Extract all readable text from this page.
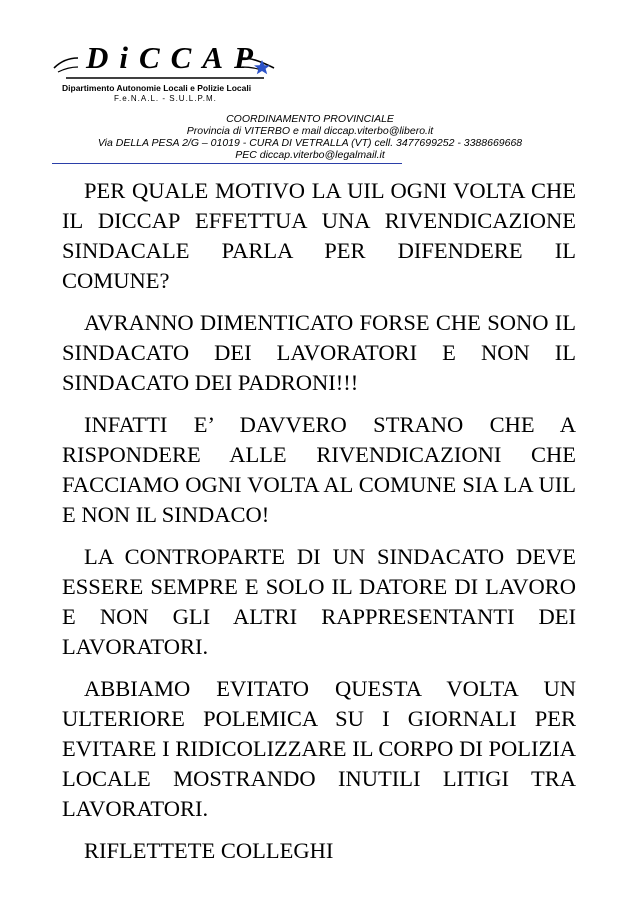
DiCCAP
Dipartimento Autonomie Locali e Polizie Locali
F.e.N.A.L. - S.U.L.P.M.
COORDINAMENTO PROVINCIALE
Provincia di VITERBO e mail diccap.viterbo@libero.it
Via DELLA PESA 2/G – 01019 - CURA DI VETRALLA (VT) cell. 3477699252 - 3388669668
PEC diccap.viterbo@legalmail.it

PER QUALE MOTIVO LA UIL OGNI VOLTA CHE IL DICCAP EFFETTUA UNA RIVENDICAZIONE SINDACALE PARLA PER DIFENDERE IL COMUNE?

AVRANNO DIMENTICATO FORSE CHE SONO IL SINDACATO DEI LAVORATORI E NON IL SINDACATO DEI PADRONI!!!

INFATTI E’ DAVVERO STRANO CHE A RISPONDERE ALLE RIVENDICAZIONI CHE FACCIAMO OGNI VOLTA AL COMUNE SIA LA UIL E NON IL SINDACO!

LA CONTROPARTE DI UN SINDACATO DEVE ESSERE SEMPRE E SOLO IL DATORE DI LAVORO E NON GLI ALTRI RAPPRESENTANTI DEI LAVORATORI.

ABBIAMO EVITATO QUESTA VOLTA UN ULTERIORE POLEMICA SU I GIORNALI PER EVITARE I RIDICOLIZZARE IL CORPO DI POLIZIA LOCALE MOSTRANDO INUTILI LITIGI TRA LAVORATORI.

RIFLETTETE COLLEGHI
